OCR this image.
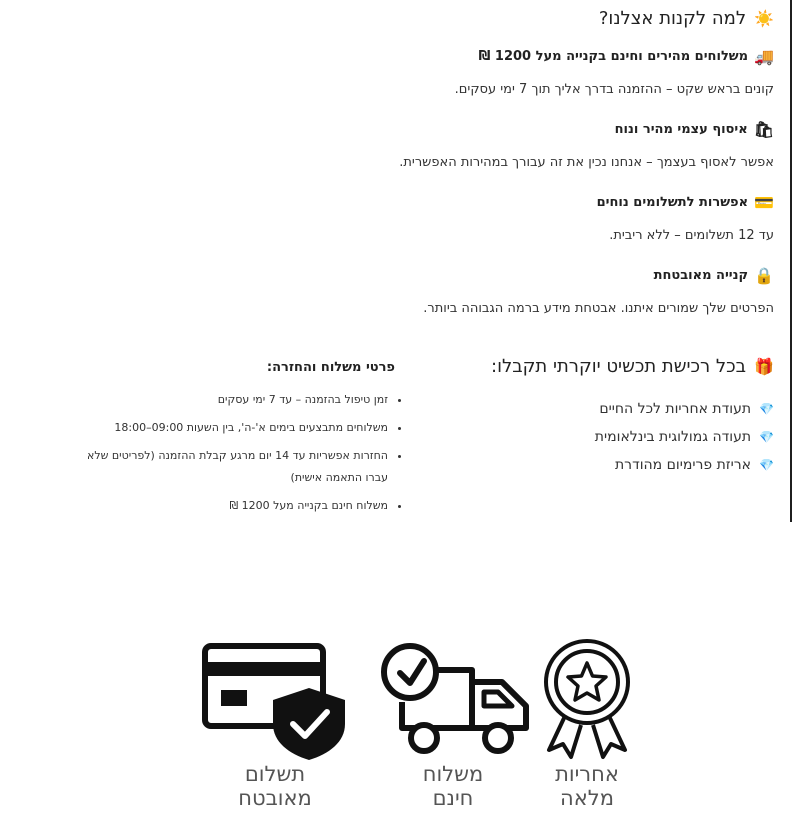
☀️
למה לקנות אצלנו?
🚚
משלוחים מהירים וחינם בקנייה מעל 1200 ₪
קונים בראש שקט – ההזמנה בדרך אליך תוך 7 ימי עסקים.
🛍
איסוף עצמי מהיר ונוח
אפשר לאסוף בעצמך – אנחנו נכין את זה עבורך במהירות האפשרית.
💳
אפשרות לתשלומים נוחים
עד 12 תשלומים – ללא ריבית.
🔒
קנייה מאובטחת
הפרטים שלך שמורים איתנו. אבטחת מידע ברמה הגבוהה ביותר.
🎁
בכל רכישת תכשיט יוקרתי תקבלו:
💎
תעודת אחריות לכל החיים
💎
תעודה גמולוגית בינלאומית
💎
אריזת פרימיום מהודרת
פרטי משלוח והחזרה:
• זמן טיפול בהזמנה – עד 7 ימי עסקים
• משלוחים מתבצעים בימים א'-ה', בין השעות 09:00–18:00
• החזרות אפשריות עד 14 יום מרגע קבלת ההזמנה (לפריטים שלא עברו התאמה אישית)
• משלוח חינם בקנייה מעל 1200 ₪
אחריות
מלאה
משלוח
חינם
תשלום
מאובטח
